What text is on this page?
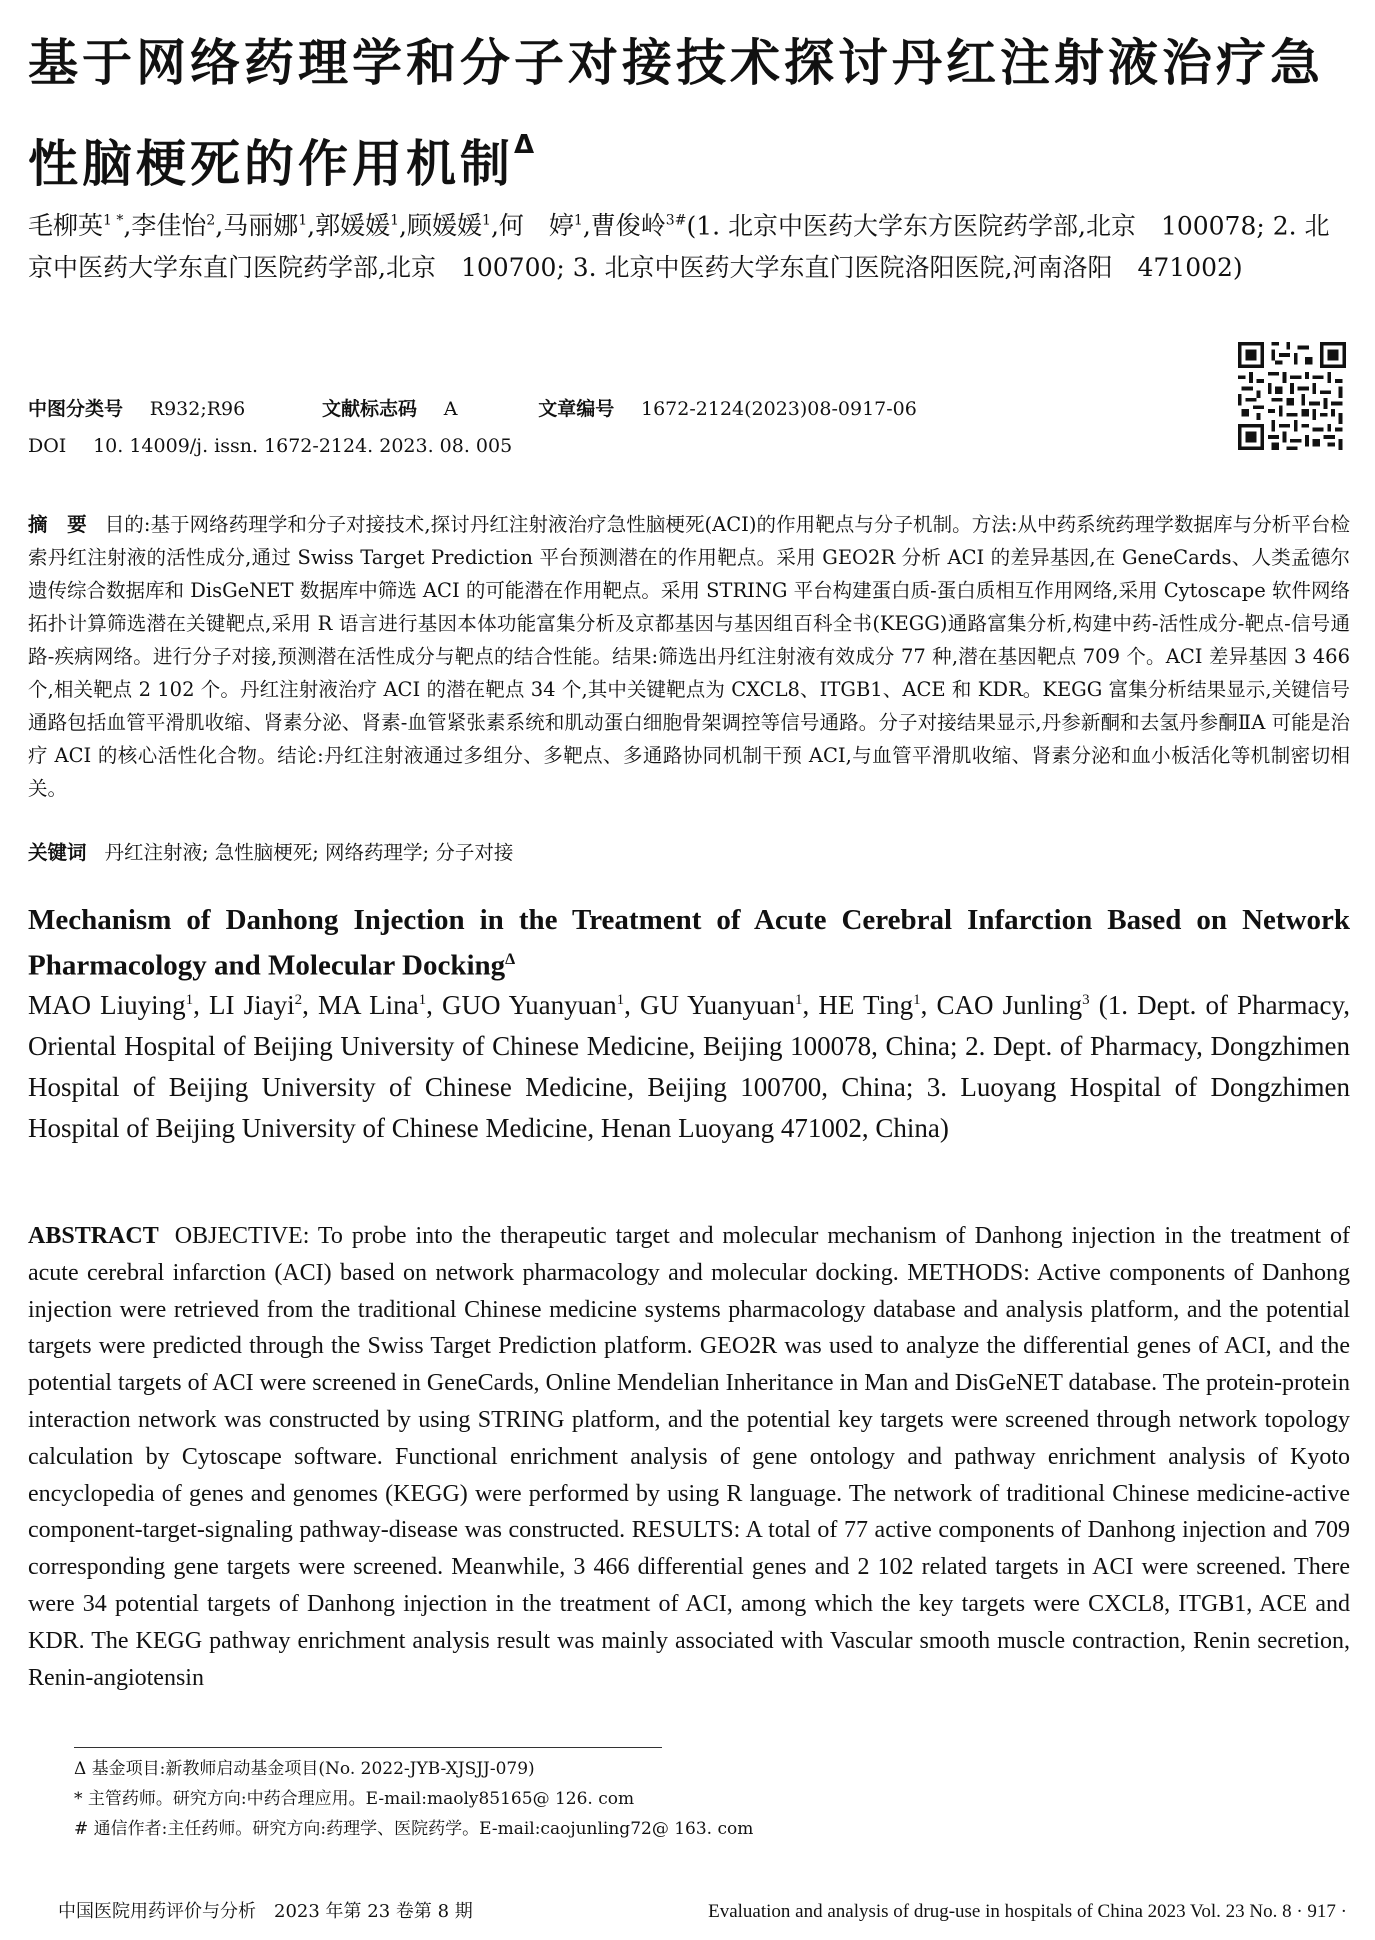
基于网络药理学和分子对接技术探讨丹红注射液治疗急性脑梗死的作用机制$^\Delta$

毛柳英$^{1 *}$,李佳怡$^2$,马丽娜$^1$,郭媛媛$^1$,顾媛媛$^1$,何　婷$^1$,曹俊岭$^{3\#}$(1. 北京中医药大学东方医院药学部,北京　100078; 2. 北京中医药大学东直门医院药学部,北京　100700; 3. 北京中医药大学东直门医院洛阳医院,河南洛阳　471002)

中图分类号 R932;R96	文献标志码 A	文章编号 1672-2124(2023)08-0917-06
DOI 10. 14009/j. issn. 1672-2124. 2023. 08. 005

摘　要 目的:基于网络药理学和分子对接技术,探讨丹红注射液治疗急性脑梗死(ACI)的作用靶点与分子机制。方法:从中药系统药理学数据库与分析平台检索丹红注射液的活性成分,通过 Swiss Target Prediction 平台预测潜在的作用靶点。采用 GEO2R 分析 ACI 的差异基因,在 GeneCards、人类孟德尔遗传综合数据库和 DisGeNET 数据库中筛选 ACI 的可能潜在作用靶点。采用 STRING 平台构建蛋白质-蛋白质相互作用网络,采用 Cytoscape 软件网络拓扑计算筛选潜在关键靶点,采用 R 语言进行基因本体功能富集分析及京都基因与基因组百科全书(KEGG)通路富集分析,构建中药-活性成分-靶点-信号通路-疾病网络。进行分子对接,预测潜在活性成分与靶点的结合性能。结果:筛选出丹红注射液有效成分 77 种,潜在基因靶点 709 个。ACI 差异基因 3 466 个,相关靶点 2 102 个。丹红注射液治疗 ACI 的潜在靶点 34 个,其中关键靶点为 CXCL8、ITGB1、ACE 和 KDR。KEGG 富集分析结果显示,关键信号通路包括血管平滑肌收缩、肾素分泌、肾素-血管紧张素系统和肌动蛋白细胞骨架调控等信号通路。分子对接结果显示,丹参新酮和去氢丹参酮ⅡA 可能是治疗 ACI 的核心活性化合物。结论:丹红注射液通过多组分、多靶点、多通路协同机制干预 ACI,与血管平滑肌收缩、肾素分泌和血小板活化等机制密切相关。

关键词 丹红注射液; 急性脑梗死; 网络药理学; 分子对接

Mechanism of Danhong Injection in the Treatment of Acute Cerebral Infarction Based on Network Pharmacology and Molecular Docking$^\Delta$

MAO Liuying$^1$, LI Jiayi$^2$, MA Lina$^1$, GUO Yuanyuan$^1$, GU Yuanyuan$^1$, HE Ting$^1$, CAO Junling$^3$ (1. Dept. of Pharmacy, Oriental Hospital of Beijing University of Chinese Medicine, Beijing 100078, China; 2. Dept. of Pharmacy, Dongzhimen Hospital of Beijing University of Chinese Medicine, Beijing 100700, China; 3. Luoyang Hospital of Dongzhimen Hospital of Beijing University of Chinese Medicine, Henan Luoyang 471002, China)

ABSTRACT OBJECTIVE: To probe into the therapeutic target and molecular mechanism of Danhong injection in the treatment of acute cerebral infarction (ACI) based on network pharmacology and molecular docking. METHODS: Active components of Danhong injection were retrieved from the traditional Chinese medicine systems pharmacology database and analysis platform, and the potential targets were predicted through the Swiss Target Prediction platform. GEO2R was used to analyze the differential genes of ACI, and the potential targets of ACI were screened in GeneCards, Online Mendelian Inheritance in Man and DisGeNET database. The protein-protein interaction network was constructed by using STRING platform, and the potential key targets were screened through network topology calculation by Cytoscape software. Functional enrichment analysis of gene ontology and pathway enrichment analysis of Kyoto encyclopedia of genes and genomes (KEGG) were performed by using R language. The network of traditional Chinese medicine-active component-target-signaling pathway-disease was constructed. RESULTS: A total of 77 active components of Danhong injection and 709 corresponding gene targets were screened. Meanwhile, 3 466 differential genes and 2 102 related targets in ACI were screened. There were 34 potential targets of Danhong injection in the treatment of ACI, among which the key targets were CXCL8, ITGB1, ACE and KDR. The KEGG pathway enrichment analysis result was mainly associated with Vascular smooth muscle contraction, Renin secretion, Renin-angiotensin

Δ 基金项目:新教师启动基金项目(No. 2022-JYB-XJSJJ-079)

* 主管药师。研究方向:中药合理应用。E-mail:maoly85165@ 126. com

# 通信作者:主任药师。研究方向:药理学、医院药学。E-mail:caojunling72@ 163. com

中国医院用药评价与分析　2023 年第 23 卷第 8 期	Evaluation and analysis of drug-use in hospitals of China 2023 Vol. 23 No. 8 · 917 ·
